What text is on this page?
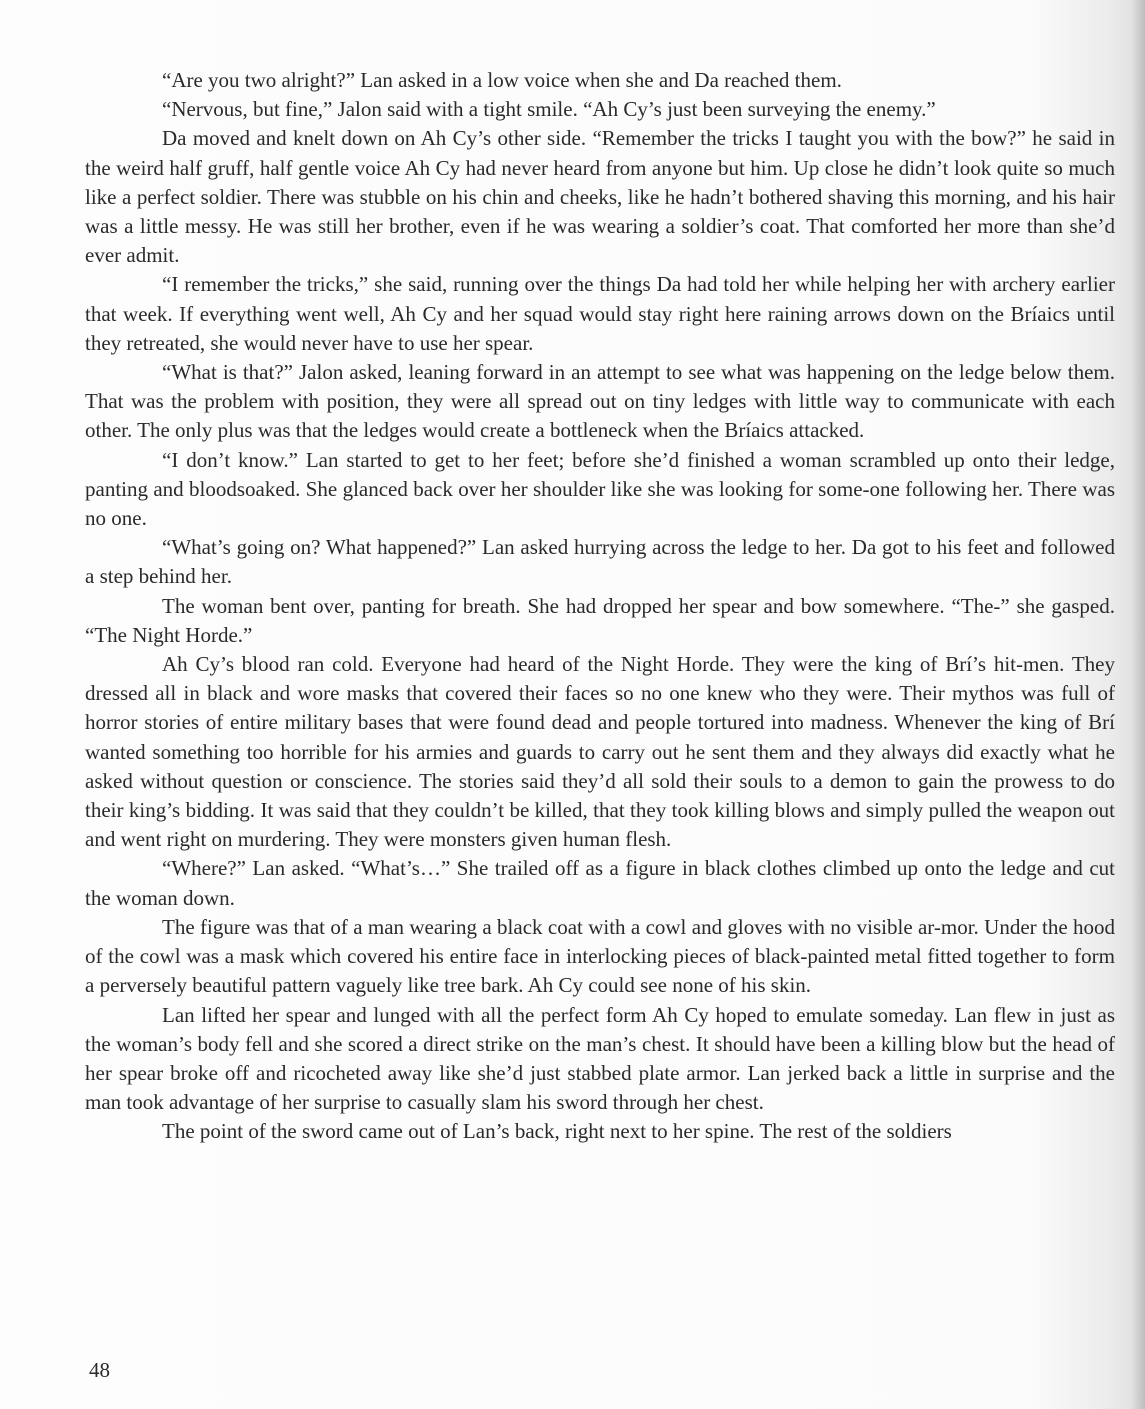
“Are you two alright?” Lan asked in a low voice when she and Da reached them.

“Nervous, but fine,” Jalon said with a tight smile. “Ah Cy’s just been surveying the enemy.”

Da moved and knelt down on Ah Cy’s other side. “Remember the tricks I taught you with the bow?” he said in the weird half gruff, half gentle voice Ah Cy had never heard from anyone but him. Up close he didn’t look quite so much like a perfect soldier. There was stubble on his chin and cheeks, like he hadn’t bothered shaving this morning, and his hair was a little messy. He was still her brother, even if he was wearing a soldier’s coat. That comforted her more than she’d ever admit.

“I remember the tricks,” she said, running over the things Da had told her while helping her with archery earlier that week. If everything went well, Ah Cy and her squad would stay right here raining arrows down on the Bríaics until they retreated, she would never have to use her spear.

“What is that?” Jalon asked, leaning forward in an attempt to see what was happening on the ledge below them. That was the problem with position, they were all spread out on tiny ledges with little way to communicate with each other. The only plus was that the ledges would create a bottleneck when the Bríaics attacked.

“I don’t know.” Lan started to get to her feet; before she’d finished a woman scrambled up onto their ledge, panting and bloodsoaked. She glanced back over her shoulder like she was looking for some-one following her. There was no one.

“What’s going on? What happened?” Lan asked hurrying across the ledge to her. Da got to his feet and followed a step behind her.

The woman bent over, panting for breath. She had dropped her spear and bow somewhere. “The-” she gasped. “The Night Horde.”

Ah Cy’s blood ran cold. Everyone had heard of the Night Horde. They were the king of Brí’s hit-men. They dressed all in black and wore masks that covered their faces so no one knew who they were. Their mythos was full of horror stories of entire military bases that were found dead and people tortured into madness. Whenever the king of Brí wanted something too horrible for his armies and guards to carry out he sent them and they always did exactly what he asked without question or conscience. The stories said they’d all sold their souls to a demon to gain the prowess to do their king’s bidding. It was said that they couldn’t be killed, that they took killing blows and simply pulled the weapon out and went right on murdering. They were monsters given human flesh.

“Where?” Lan asked. “What’s…” She trailed off as a figure in black clothes climbed up onto the ledge and cut the woman down.

The figure was that of a man wearing a black coat with a cowl and gloves with no visible ar-mor. Under the hood of the cowl was a mask which covered his entire face in interlocking pieces of black-painted metal fitted together to form a perversely beautiful pattern vaguely like tree bark. Ah Cy could see none of his skin.

Lan lifted her spear and lunged with all the perfect form Ah Cy hoped to emulate someday. Lan flew in just as the woman’s body fell and she scored a direct strike on the man’s chest. It should have been a killing blow but the head of her spear broke off and ricocheted away like she’d just stabbed plate armor. Lan jerked back a little in surprise and the man took advantage of her surprise to casually slam his sword through her chest.

The point of the sword came out of Lan’s back, right next to her spine. The rest of the soldiers

48
